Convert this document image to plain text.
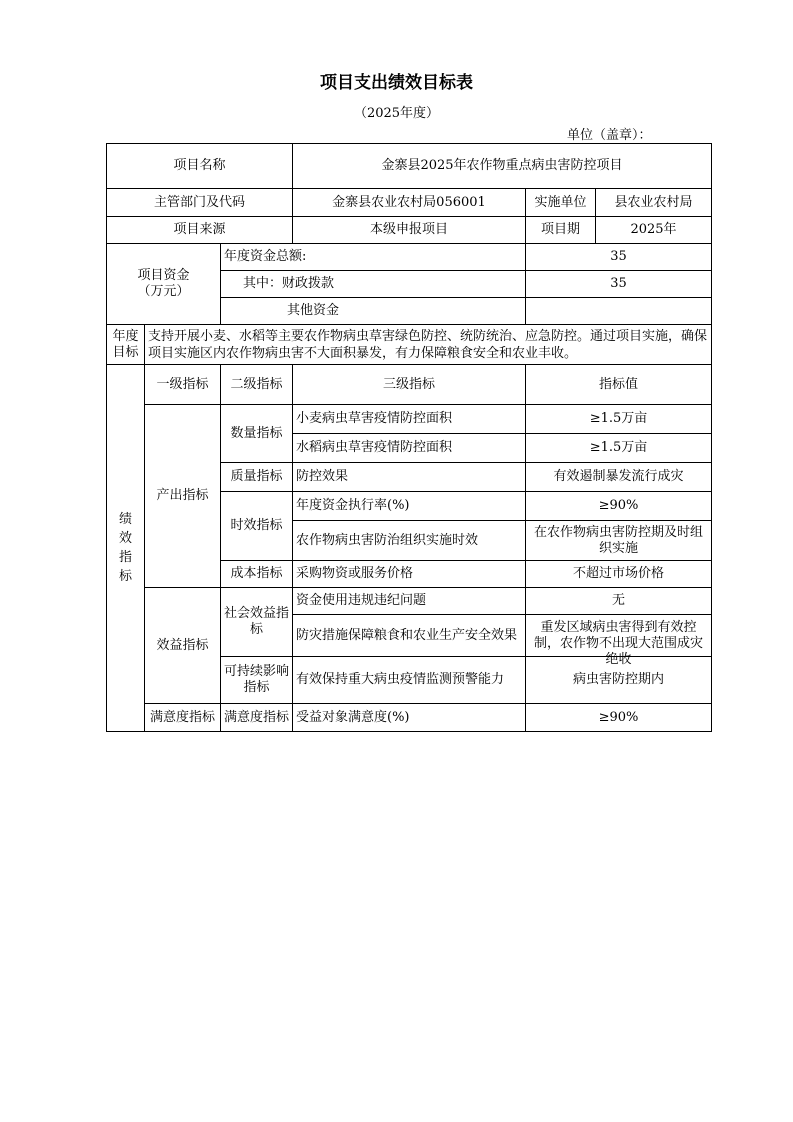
项目支出绩效目标表
（2025年度）
单位（盖章）：
项目名称			金寨县2025年农作物重点病虫害防控项目		
主管部门及代码			金寨县农业农村局056001	实施单位	县农业农村局
项目来源			本级申报项目	项目期	2025年
项目资金
（万元）		年度资金总额:		35	
		其中：财政拨款		35	
		其他资金			
年度目标	支持开展小麦、水稻等主要农作物病虫草害绿色防控、统防统治、应急防控。通过项目实施，确保项目实施区内农作物病虫害不大面积暴发，有力保障粮食安全和农业丰收。				
绩效指标	一级指标	二级指标	三级指标	指标值	
	产出指标	数量指标	小麦病虫草害疫情防控面积	≥1.5万亩	
			水稻病虫草害疫情防控面积	≥1.5万亩	
		质量指标	防控效果	有效遏制暴发流行成灾	
		时效指标	年度资金执行率(%)	≥90%	
			农作物病虫害防治组织实施时效	在农作物病虫害防控期及时组织实施	

		成本指标	采购物资或服务价格	不超过市场价格	
	效益指标	社会效益指标	资金使用违规违纪问题	无	

			防灾措施保障粮食和农业生产安全效果	重发区域病虫害得到有效控制，农作物不出现大范围成灾绝收	

		可持续影响指标	有效保持重大病虫疫情监测预警能力	病虫害防控期内	
	满意度指标	满意度指标	受益对象满意度(%)	≥90%	
